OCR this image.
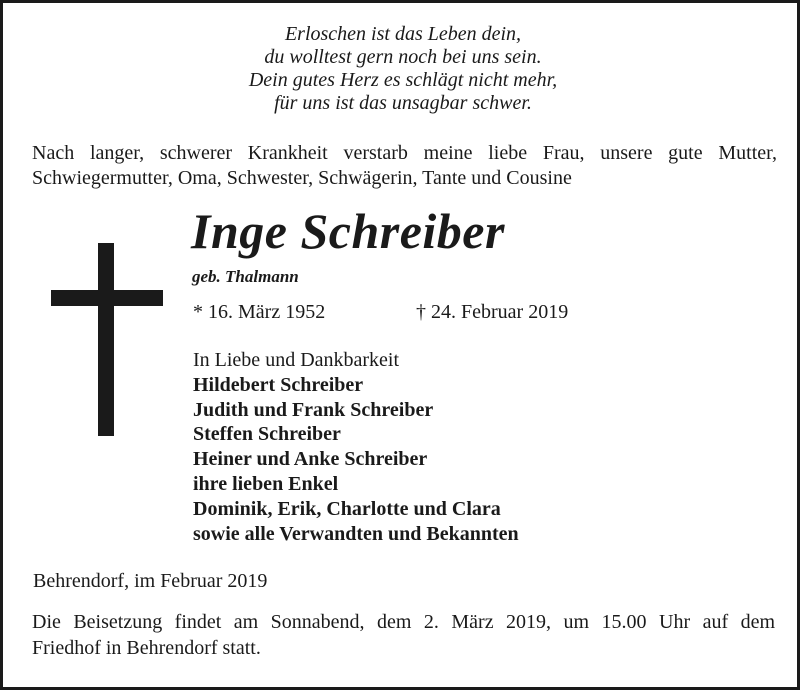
Erloschen ist das Leben dein,
du wolltest gern noch bei uns sein.
Dein gutes Herz es schlägt nicht mehr,
für uns ist das unsagbar schwer.
Nach langer, schwerer Krankheit verstarb meine liebe Frau, unsere gute Mutter,
Schwiegermutter, Oma, Schwester, Schwägerin, Tante und Cousine
Inge Schreiber
geb. Thalmann
* 16. März 1952	† 24. Februar 2019
In Liebe und Dankbarkeit
Hildebert Schreiber
Judith und Frank Schreiber
Steffen Schreiber
Heiner und Anke Schreiber
ihre lieben Enkel
Dominik, Erik, Charlotte und Clara
sowie alle Verwandten und Bekannten
Behrendorf, im Februar 2019
Die Beisetzung findet am Sonnabend, dem 2. März 2019, um 15.00 Uhr auf dem
Friedhof in Behrendorf statt.
